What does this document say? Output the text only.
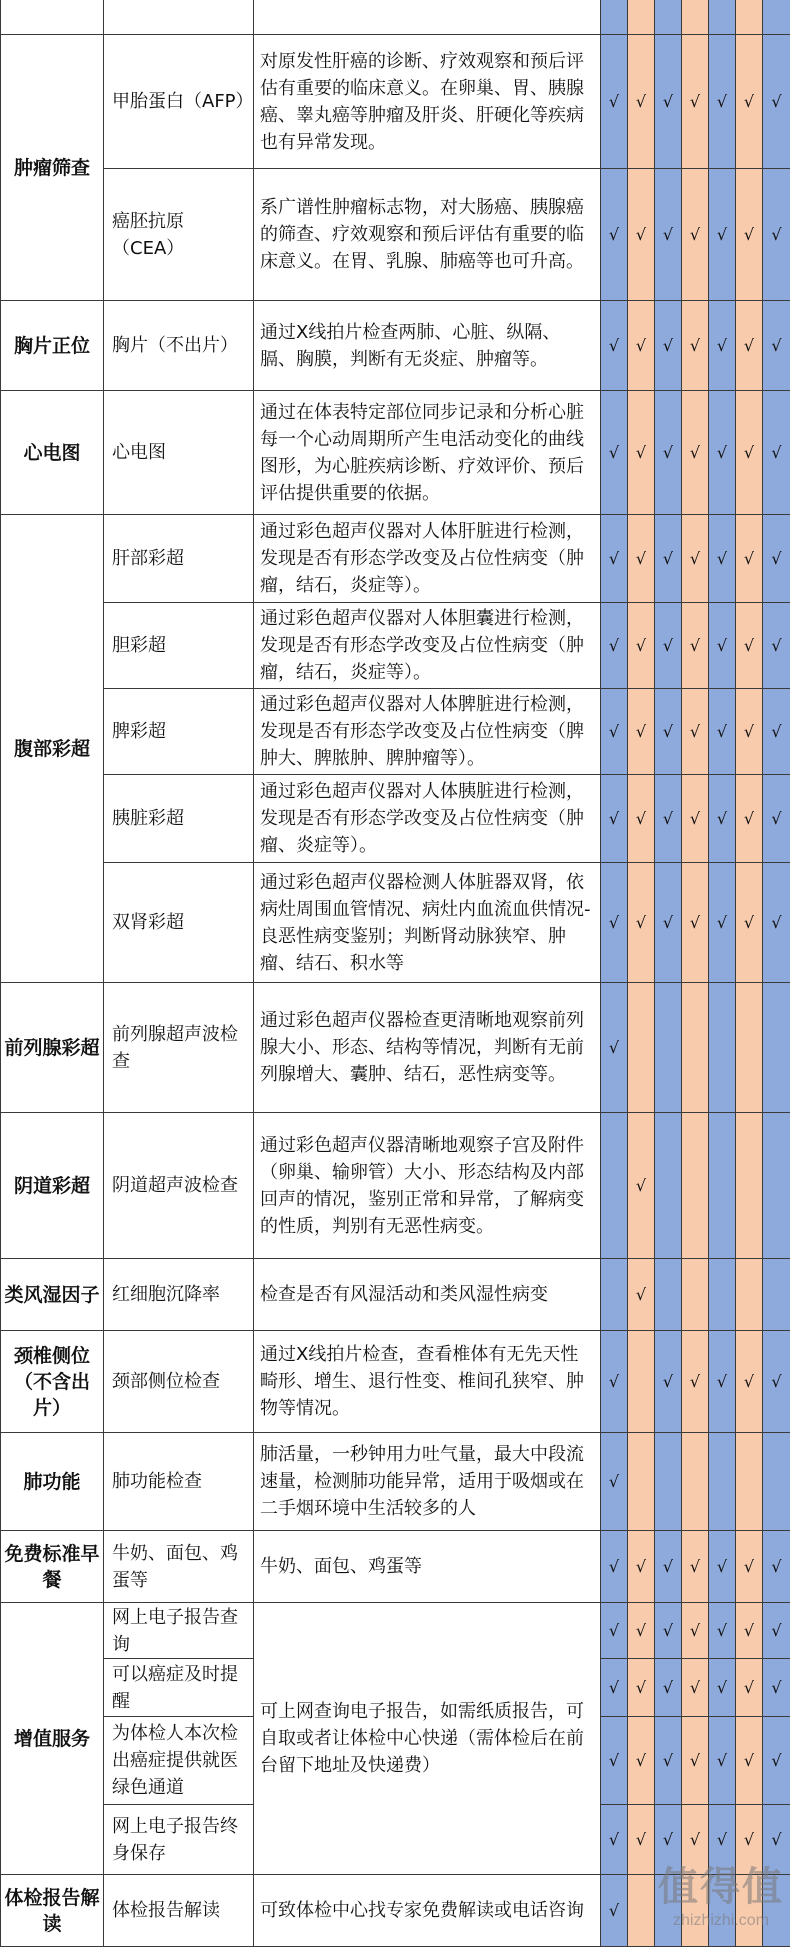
肿瘤筛查	甲胎蛋白（AFP）	对原发性肝癌的诊断、疗效观察和预后评估有重要的临床意义。在卵巢、胃、胰腺癌、睾丸癌等肿瘤及肝炎、肝硬化等疾病也有异常发现。	√	√	√	√	√	√	√
	癌胚抗原（CEA）	系广谱性肿瘤标志物，对大肠癌、胰腺癌的筛查、疗效观察和预后评估有重要的临床意义。在胃、乳腺、肺癌等也可升高。	√	√	√	√	√	√	√
胸片正位	胸片（不出片）	通过X线拍片检查两肺、心脏、纵隔、膈、胸膜，判断有无炎症、肿瘤等。	√	√	√	√	√	√	√
心电图	心电图	通过在体表特定部位同步记录和分析心脏每一个心动周期所产生电活动变化的曲线图形，为心脏疾病诊断、疗效评价、预后评估提供重要的依据。	√	√	√	√	√	√	√
腹部彩超	肝部彩超	通过彩色超声仪器对人体肝脏进行检测，发现是否有形态学改变及占位性病变（肿瘤，结石，炎症等）。	√	√	√	√	√	√	√
	胆彩超	通过彩色超声仪器对人体胆囊进行检测，发现是否有形态学改变及占位性病变（肿瘤，结石，炎症等）。	√	√	√	√	√	√	√
	脾彩超	通过彩色超声仪器对人体脾脏进行检测，发现是否有形态学改变及占位性病变（脾肿大、脾脓肿、脾肿瘤等）。	√	√	√	√	√	√	√
	胰脏彩超	通过彩色超声仪器对人体胰脏进行检测，发现是否有形态学改变及占位性病变（肿瘤、炎症等）。	√	√	√	√	√	√	√
	双肾彩超	通过彩色超声仪器检测人体脏器双肾，依病灶周围血管情况、病灶内血流血供情况-良恶性病变鉴别；判断肾动脉狭窄、肿瘤、结石、积水等	√	√	√	√	√	√	√
前列腺彩超	前列腺超声波检查	通过彩色超声仪器检查更清晰地观察前列腺大小、形态、结构等情况，判断有无前列腺增大、囊肿、结石，恶性病变等。	√						
阴道彩超	阴道超声波检查	通过彩色超声仪器清晰地观察子宫及附件（卵巢、输卵管）大小、形态结构及内部回声的情况，鉴别正常和异常，了解病变的性质，判别有无恶性病变。		√					
类风湿因子	红细胞沉降率	检查是否有风湿活动和类风湿性病变		√					
颈椎侧位（不含出片）	颈部侧位检查	通过X线拍片检查，查看椎体有无先天性畸形、增生、退行性变、椎间孔狭窄、肿物等情况。	√		√	√	√	√	√
肺功能	肺功能检查	肺活量，一秒钟用力吐气量，最大中段流速量，检测肺功能异常，适用于吸烟或在二手烟环境中生活较多的人	√						
免费标准早餐	牛奶、面包、鸡蛋等	牛奶、面包、鸡蛋等	√	√	√	√	√	√	√
增值服务	网上电子报告查询	可上网查询电子报告，如需纸质报告，可自取或者让体检中心快递（需体检后在前台留下地址及快递费）	√	√	√	√	√	√	√
	可以癌症及时提醒		√	√	√	√	√	√	√
	为体检人本次检出癌症提供就医绿色通道		√	√	√	√	√	√	√
	网上电子报告终身保存		√	√	√	√	√	√	√
体检报告解读	体检报告解读	可致体检中心找专家免费解读或电话咨询	√						
值得值
zhizhizhi.com
